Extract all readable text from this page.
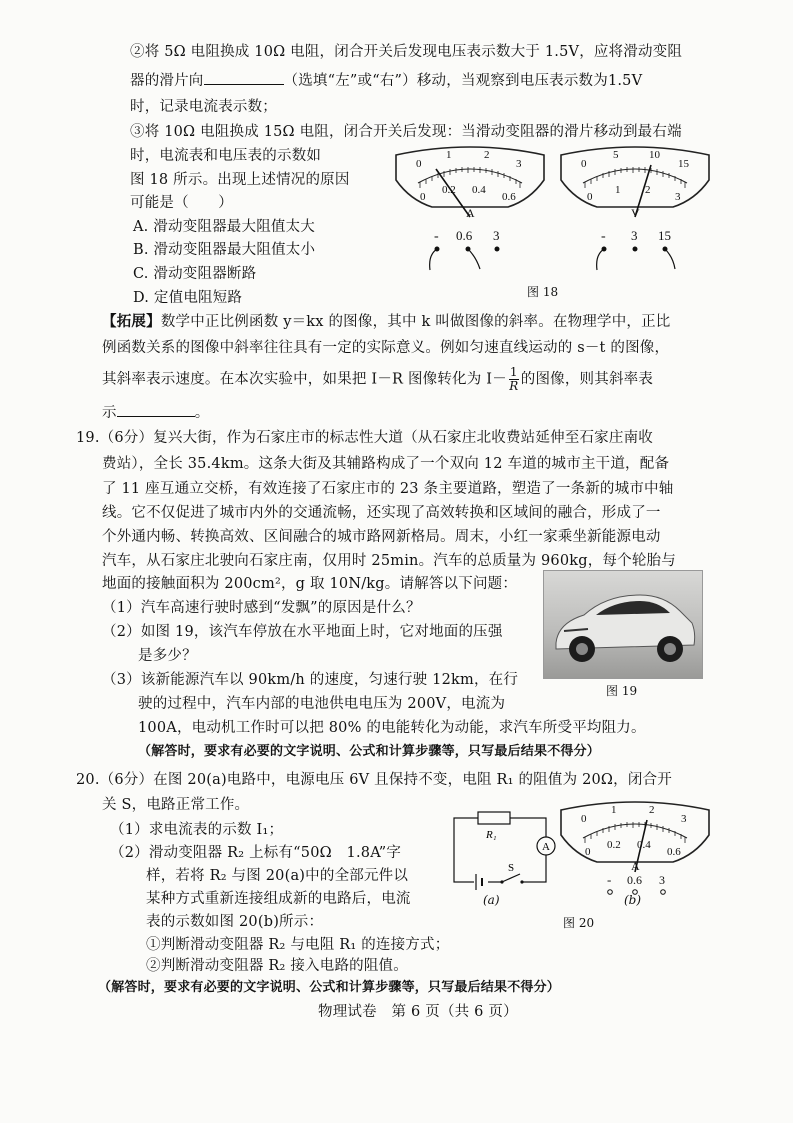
②将 5Ω 电阻换成 10Ω 电阻，闭合开关后发现电压表示数大于 1.5V，应将滑动变阻
器的滑片向	（选填“左”或“右”）移动，当观察到电压表示数为1.5V
时，记录电流表示数；
③将 10Ω 电阻换成 15Ω 电阻，闭合开关后发现：当滑动变阻器的滑片移动到最右端
时，电流表和电压表的示数如
图 18 所示。出现上述情况的原因
可能是（　　）
A. 滑动变阻器最大阻值太大
B. 滑动变阻器最大阻值太小
C. 滑动变阻器断路
D. 定值电阻短路
0
1	2
3
0
0.2 0.4
0.6
A
- 0.6 3
0
5	10
15
0
1 2
3
V
- 3 15
图 18
【拓展】数学中正比例函数 y＝kx 的图像，其中 k 叫做图像的斜率。在物理学中，正比
例函数关系的图像中斜率往往具有一定的实际意义。例如匀速直线运动的 s－t 的图像，
其斜率表示速度。在本次实验中，如果把 I－R 图像转化为 $I- \frac{1}{R}$ 的图像，则其斜率表
示	。
19.（6分）复兴大街，作为石家庄市的标志性大道（从石家庄北收费站延伸至石家庄南收
费站），全长 35.4km。这条大街及其辅路构成了一个双向 12 车道的城市主干道，配备
了 11 座互通立交桥，有效连接了石家庄市的 23 条主要道路，塑造了一条新的城市中轴
线。它不仅促进了城市内外的交通流畅，还实现了高效转换和区域间的融合，形成了一
个外通内畅、转换高效、区间融合的城市路网新格局。周末，小红一家乘坐新能源电动
汽车，从石家庄北驶向石家庄南，仅用时 25min。汽车的总质量为 960kg，每个轮胎与
地面的接触面积为 200cm²，g 取 10N/kg。请解答以下问题：
（1）汽车高速行驶时感到“发飘”的原因是什么？
（2）如图 19，该汽车停放在水平地面上时，它对地面的压强
是多少？
（3）该新能源汽车以 90km/h 的速度，匀速行驶 12km，在行
驶的过程中，汽车内部的电池供电电压为 200V，电流为
100A，电动机工作时可以把 80% 的电能转化为动能，求汽车所受平均阻力。
（解答时，要求有必要的文字说明、公式和计算步骤等，只写最后结果不得分）
图 19
20.（6分）在图 20(a)电路中，电源电压 6V 且保持不变，电阻 R₁ 的阻值为 20Ω，闭合开
关 S，电路正常工作。
（1）求电流表的示数 I₁；
（2）滑动变阻器 R₂ 上标有“50Ω　1.8A”字
样，若将 R₂ 与图 20(a)中的全部元件以
某种方式重新连接组成新的电路后，电流
表的示数如图 20(b)所示：
①判断滑动变阻器 R₂ 与电阻 R₁ 的连接方式；
②判断滑动变阻器 R₂ 接入电路的阻值。
（解答时，要求有必要的文字说明、公式和计算步骤等，只写最后结果不得分）
R₁
A
S
(a)
0
1	2
3
0
0.2 0.4
0.6
A
- 0.6 3
(b)
图 20
物理试卷　第 6 页（共 6 页）
